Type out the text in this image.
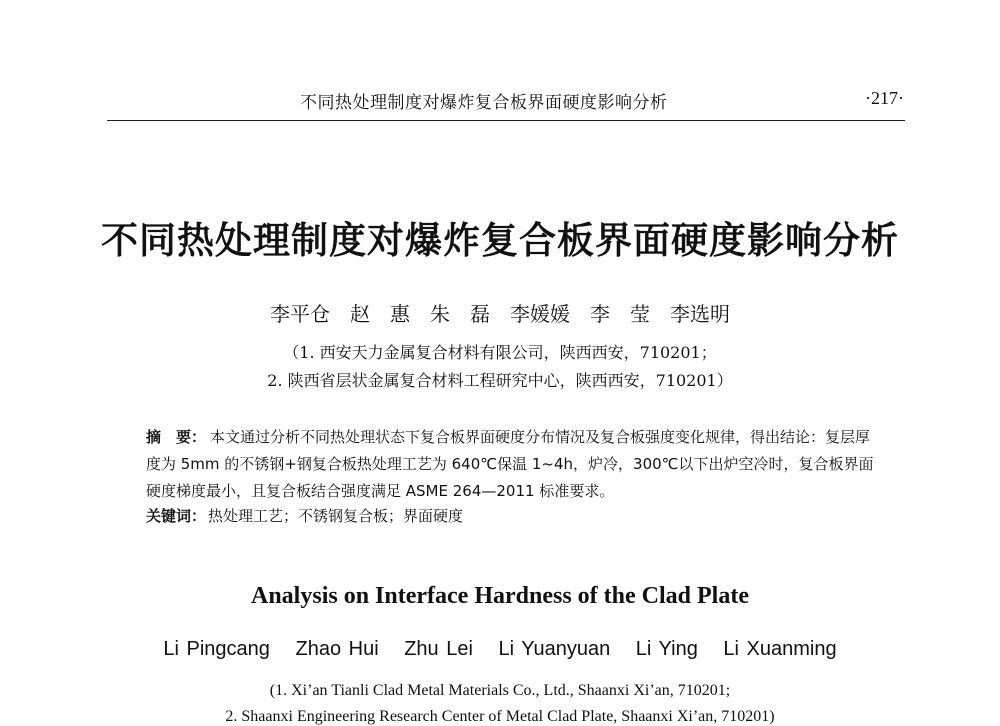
不同热处理制度对爆炸复合板界面硬度影响分析	·217·
不同热处理制度对爆炸复合板界面硬度影响分析
李平仓　赵　惠　朱　磊　李媛媛　李　莹　李选明
（1. 西安天力金属复合材料有限公司，陕西西安，710201；
2. 陕西省层状金属复合材料工程研究中心，陕西西安，710201）
摘　要： 本文通过分析不同热处理状态下复合板界面硬度分布情况及复合板强度变化规律，得出结论：复层厚度为 5mm 的不锈钢+钢复合板热处理工艺为 640℃保温 1~4h，炉冷，300℃以下出炉空冷时，复合板界面硬度梯度最小，且复合板结合强度满足 ASME 264—2011 标准要求。
关键词： 热处理工艺；不锈钢复合板；界面硬度
Analysis on Interface Hardness of the Clad Plate
Li Pingcang Zhao Hui Zhu Lei Li Yuanyuan Li Ying Li Xuanming
(1. Xi’an Tianli Clad Metal Materials Co., Ltd., Shaanxi Xi’an, 710201;
2. Shaanxi Engineering Research Center of Metal Clad Plate, Shaanxi Xi’an, 710201)
